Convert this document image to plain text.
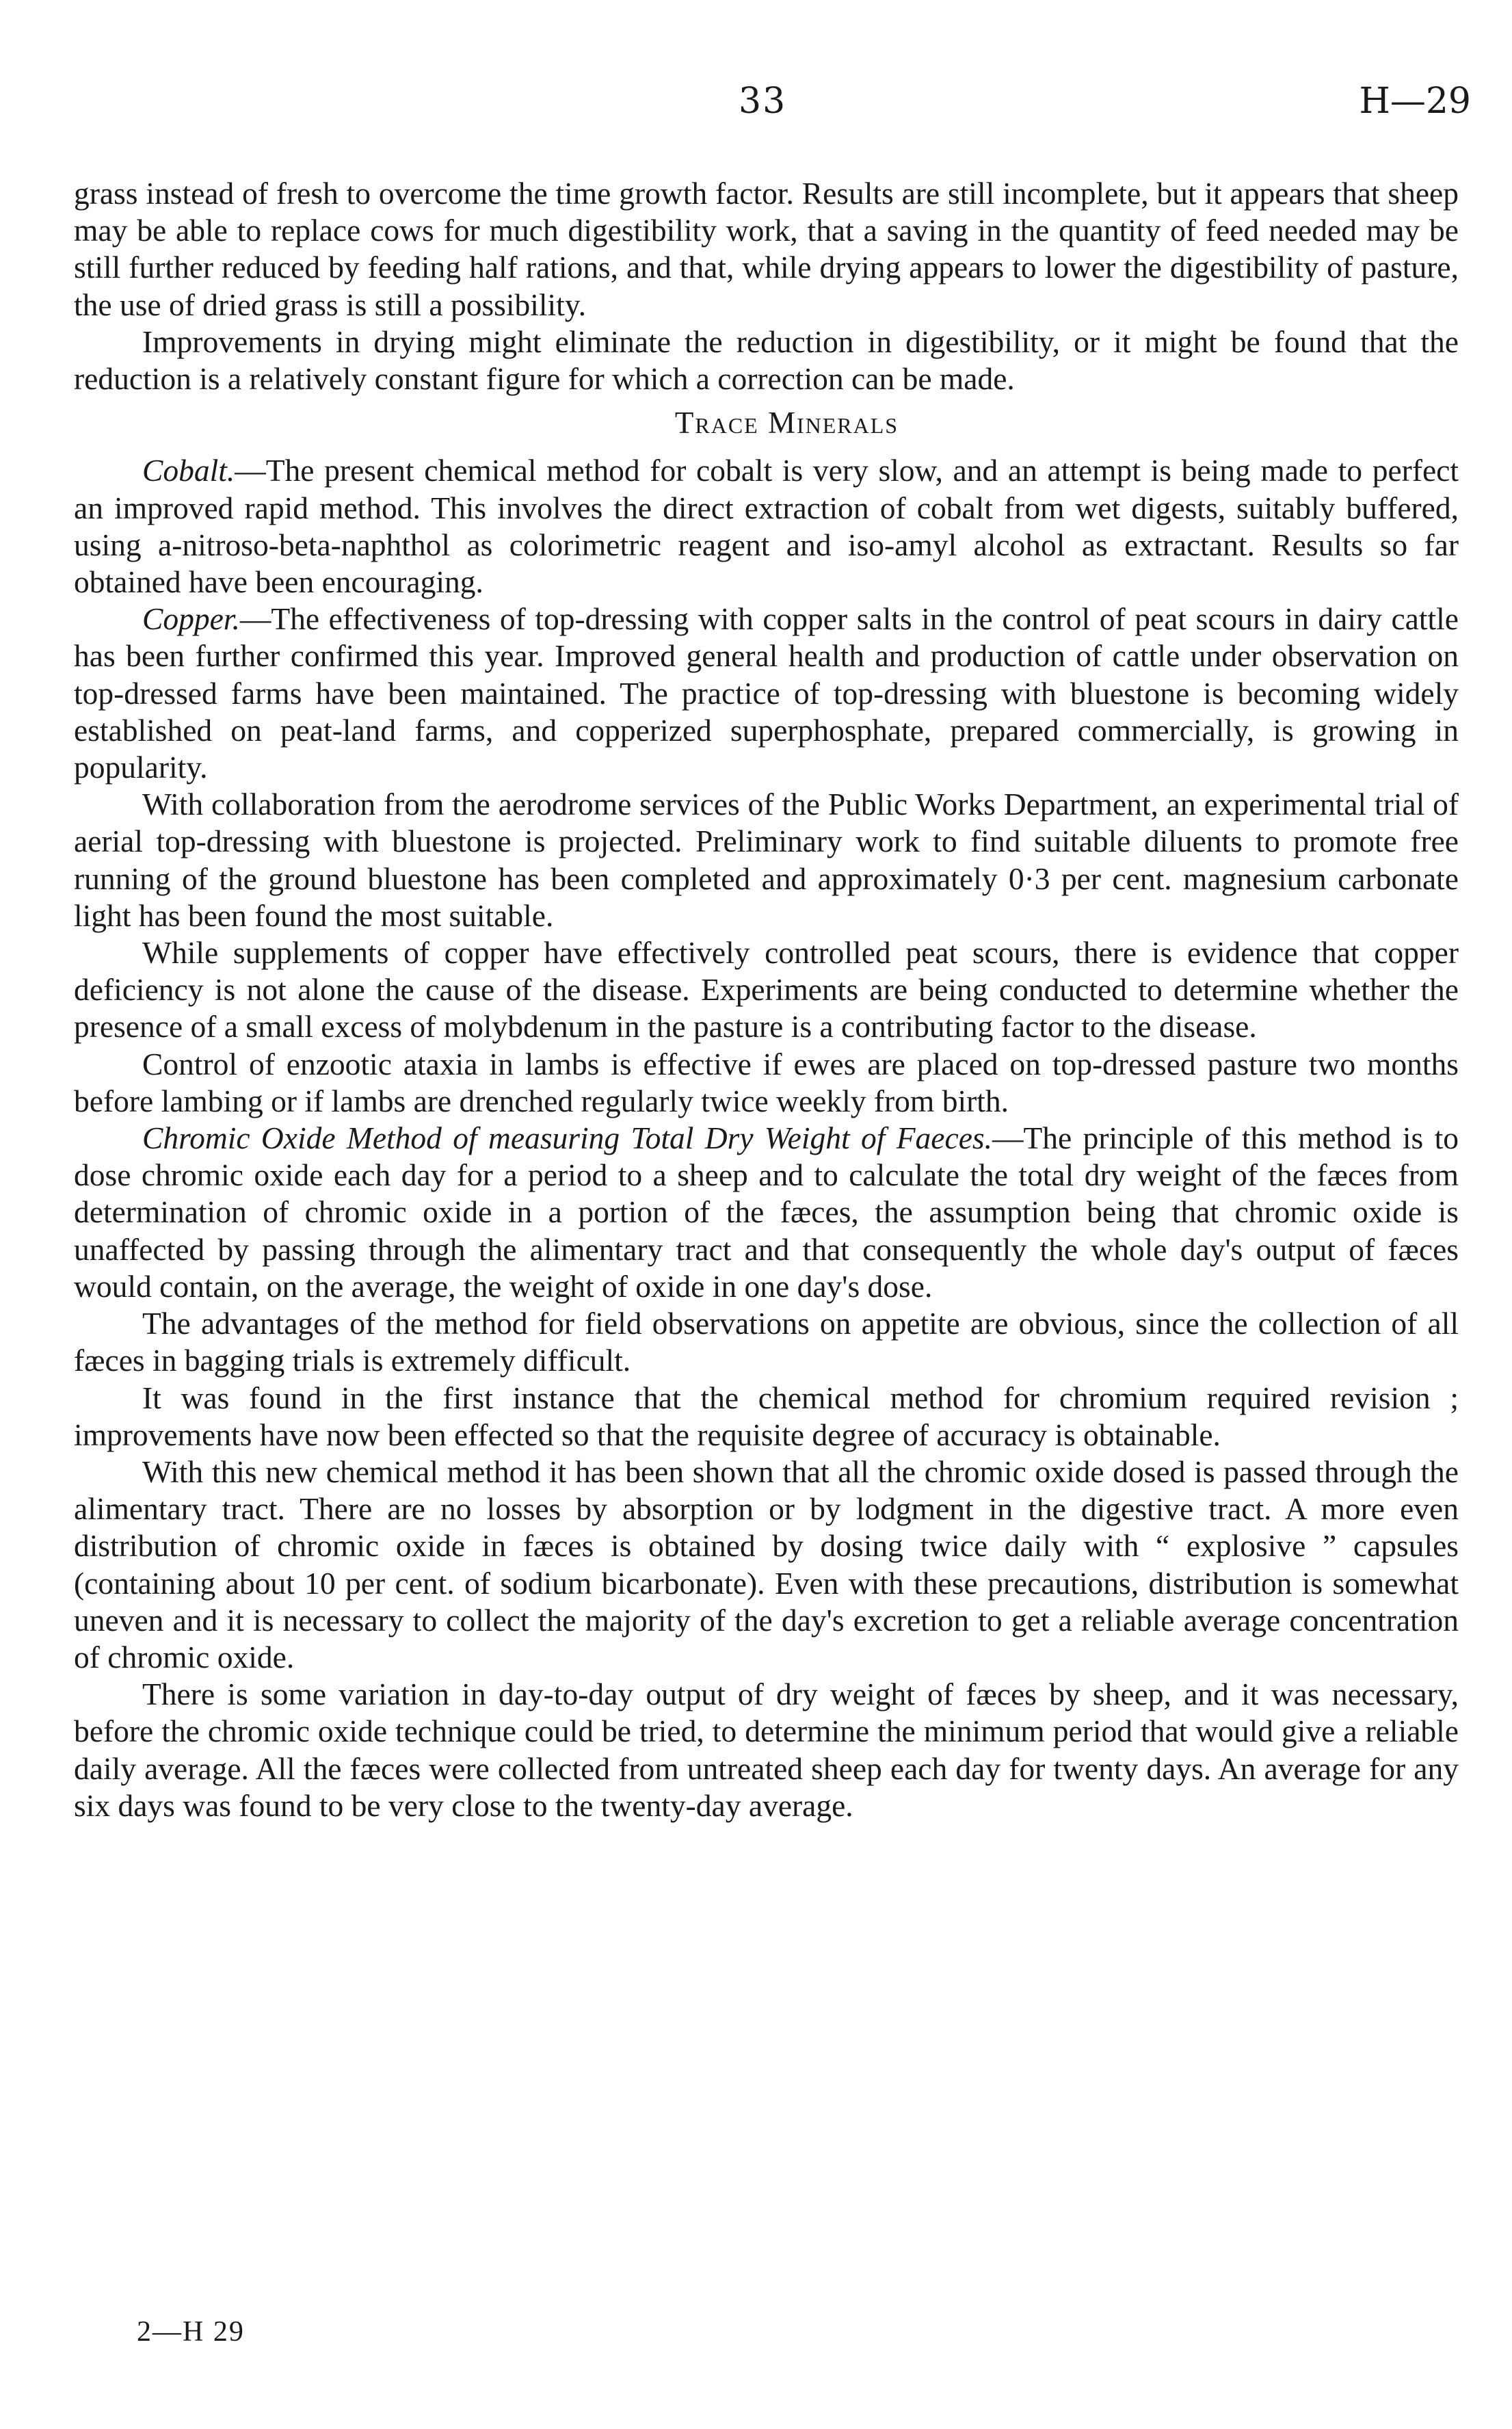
33	H—29

grass instead of fresh to overcome the time growth factor. Results are still incomplete, but it appears that sheep may be able to replace cows for much digestibility work, that a saving in the quantity of feed needed may be still further reduced by feeding half rations, and that, while drying appears to lower the digestibility of pasture, the use of dried grass is still a possibility.

Improvements in drying might eliminate the reduction in digestibility, or it might be found that the reduction is a relatively constant figure for which a correction can be made.

Trace Minerals

Cobalt.—The present chemical method for cobalt is very slow, and an attempt is being made to perfect an improved rapid method. This involves the direct extraction of cobalt from wet digests, suitably buffered, using a-nitroso-beta-naphthol as colorimetric reagent and iso-amyl alcohol as extractant. Results so far obtained have been encouraging.

Copper.—The effectiveness of top-dressing with copper salts in the control of peat scours in dairy cattle has been further confirmed this year. Improved general health and production of cattle under observation on top-dressed farms have been maintained. The practice of top-dressing with bluestone is becoming widely established on peat-land farms, and copperized superphosphate, prepared commercially, is growing in popularity.

With collaboration from the aerodrome services of the Public Works Department, an experimental trial of aerial top-dressing with bluestone is projected. Preliminary work to find suitable diluents to promote free running of the ground bluestone has been completed and approximately 0·3 per cent. magnesium carbonate light has been found the most suitable.

While supplements of copper have effectively controlled peat scours, there is evidence that copper deficiency is not alone the cause of the disease. Experiments are being conducted to determine whether the presence of a small excess of molybdenum in the pasture is a contributing factor to the disease.

Control of enzootic ataxia in lambs is effective if ewes are placed on top-dressed pasture two months before lambing or if lambs are drenched regularly twice weekly from birth.

Chromic Oxide Method of measuring Total Dry Weight of Faeces.—The principle of this method is to dose chromic oxide each day for a period to a sheep and to calculate the total dry weight of the fæces from determination of chromic oxide in a portion of the fæces, the assumption being that chromic oxide is unaffected by passing through the alimentary tract and that consequently the whole day's output of fæces would contain, on the average, the weight of oxide in one day's dose.

The advantages of the method for field observations on appetite are obvious, since the collection of all fæces in bagging trials is extremely difficult.

It was found in the first instance that the chemical method for chromium required revision ; improvements have now been effected so that the requisite degree of accuracy is obtainable.

With this new chemical method it has been shown that all the chromic oxide dosed is passed through the alimentary tract. There are no losses by absorption or by lodgment in the digestive tract. A more even distribution of chromic oxide in fæces is obtained by dosing twice daily with “ explosive ” capsules (containing about 10 per cent. of sodium bicarbonate). Even with these precautions, distribution is somewhat uneven and it is necessary to collect the majority of the day's excretion to get a reliable average concentration of chromic oxide.

There is some variation in day-to-day output of dry weight of fæces by sheep, and it was necessary, before the chromic oxide technique could be tried, to determine the minimum period that would give a reliable daily average. All the fæces were collected from untreated sheep each day for twenty days. An average for any six days was found to be very close to the twenty-day average.

2—H 29
